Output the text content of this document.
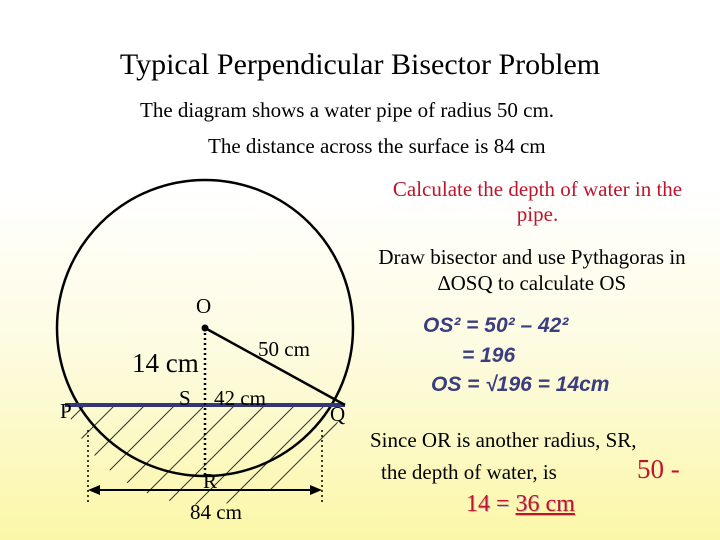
Typical Perpendicular Bisector Problem
The diagram shows a water pipe of radius 50 cm.
The distance across the surface is 84 cm
Calculate the depth of water in the pipe.
Draw bisector and use Pythagoras in ∆OSQ to calculate OS
O
14 cm	50 cm
S 42 cm
P	Q
R
84 cm
OS² = 50² – 42²
= 196
OS = √196 = 14cm
Since OR is another radius, SR,
the depth of water, is	50 -
14 = 36 cm
